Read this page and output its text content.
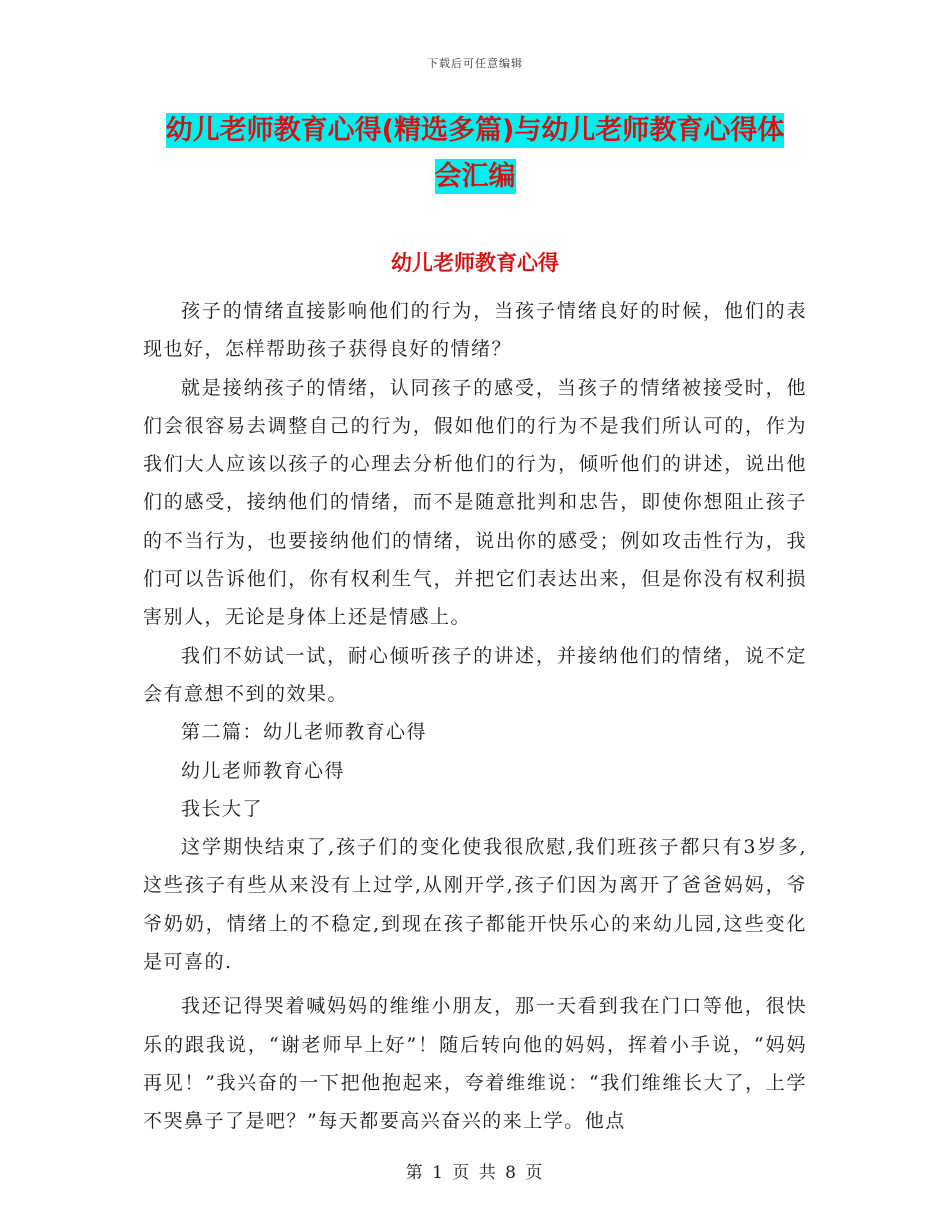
下载后可任意编辑
幼儿老师教育心得(精选多篇)与幼儿老师教育心得体
会汇编
幼儿老师教育心得

孩子的情绪直接影响他们的行为，当孩子情绪良好的时候，他们的表现也好，怎样帮助孩子获得良好的情绪？

就是接纳孩子的情绪，认同孩子的感受，当孩子的情绪被接受时，他们会很容易去调整自己的行为，假如他们的行为不是我们所认可的，作为我们大人应该以孩子的心理去分析他们的行为，倾听他们的讲述，说出他们的感受，接纳他们的情绪，而不是随意批判和忠告，即使你想阻止孩子的不当行为，也要接纳他们的情绪，说出你的感受；例如攻击性行为，我们可以告诉他们，你有权利生气，并把它们表达出来，但是你没有权利损害别人，无论是身体上还是情感上。

我们不妨试一试，耐心倾听孩子的讲述，并接纳他们的情绪，说不定会有意想不到的效果。

第二篇：幼儿老师教育心得

幼儿老师教育心得

我长大了

这学期快结束了,孩子们的变化使我很欣慰,我们班孩子都只有3岁多,这些孩子有些从来没有上过学,从刚开学,孩子们因为离开了爸爸妈妈，爷爷奶奶，情绪上的不稳定,到现在孩子都能开快乐心的来幼儿园,这些变化是可喜的.

我还记得哭着喊妈妈的维维小朋友，那一天看到我在门口等他，很快乐的跟我说，“谢老师早上好”！随后转向他的妈妈，挥着小手说，“妈妈再见！”我兴奋的一下把他抱起来，夸着维维说：“我们维维长大了，上学不哭鼻子了是吧？”每天都要高兴奋兴的来上学。他点

第 1 页 共 8 页
